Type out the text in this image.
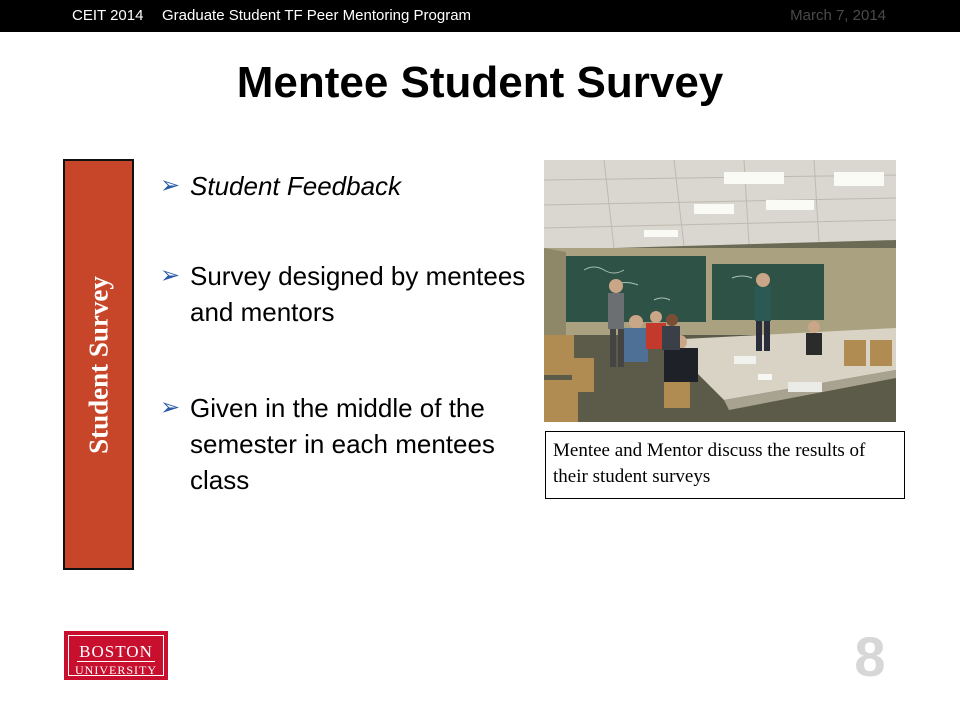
CEIT 2014 Graduate Student TF Peer Mentoring Program	March 7, 2014
Mentee Student Survey
Student Survey
➢ Student Feedback
➢ Survey designed by mentees and mentors
➢ Given in the middle of the semester in each mentees class
Mentee and Mentor discuss the results of their student surveys
BOSTON
UNIVERSITY	8
